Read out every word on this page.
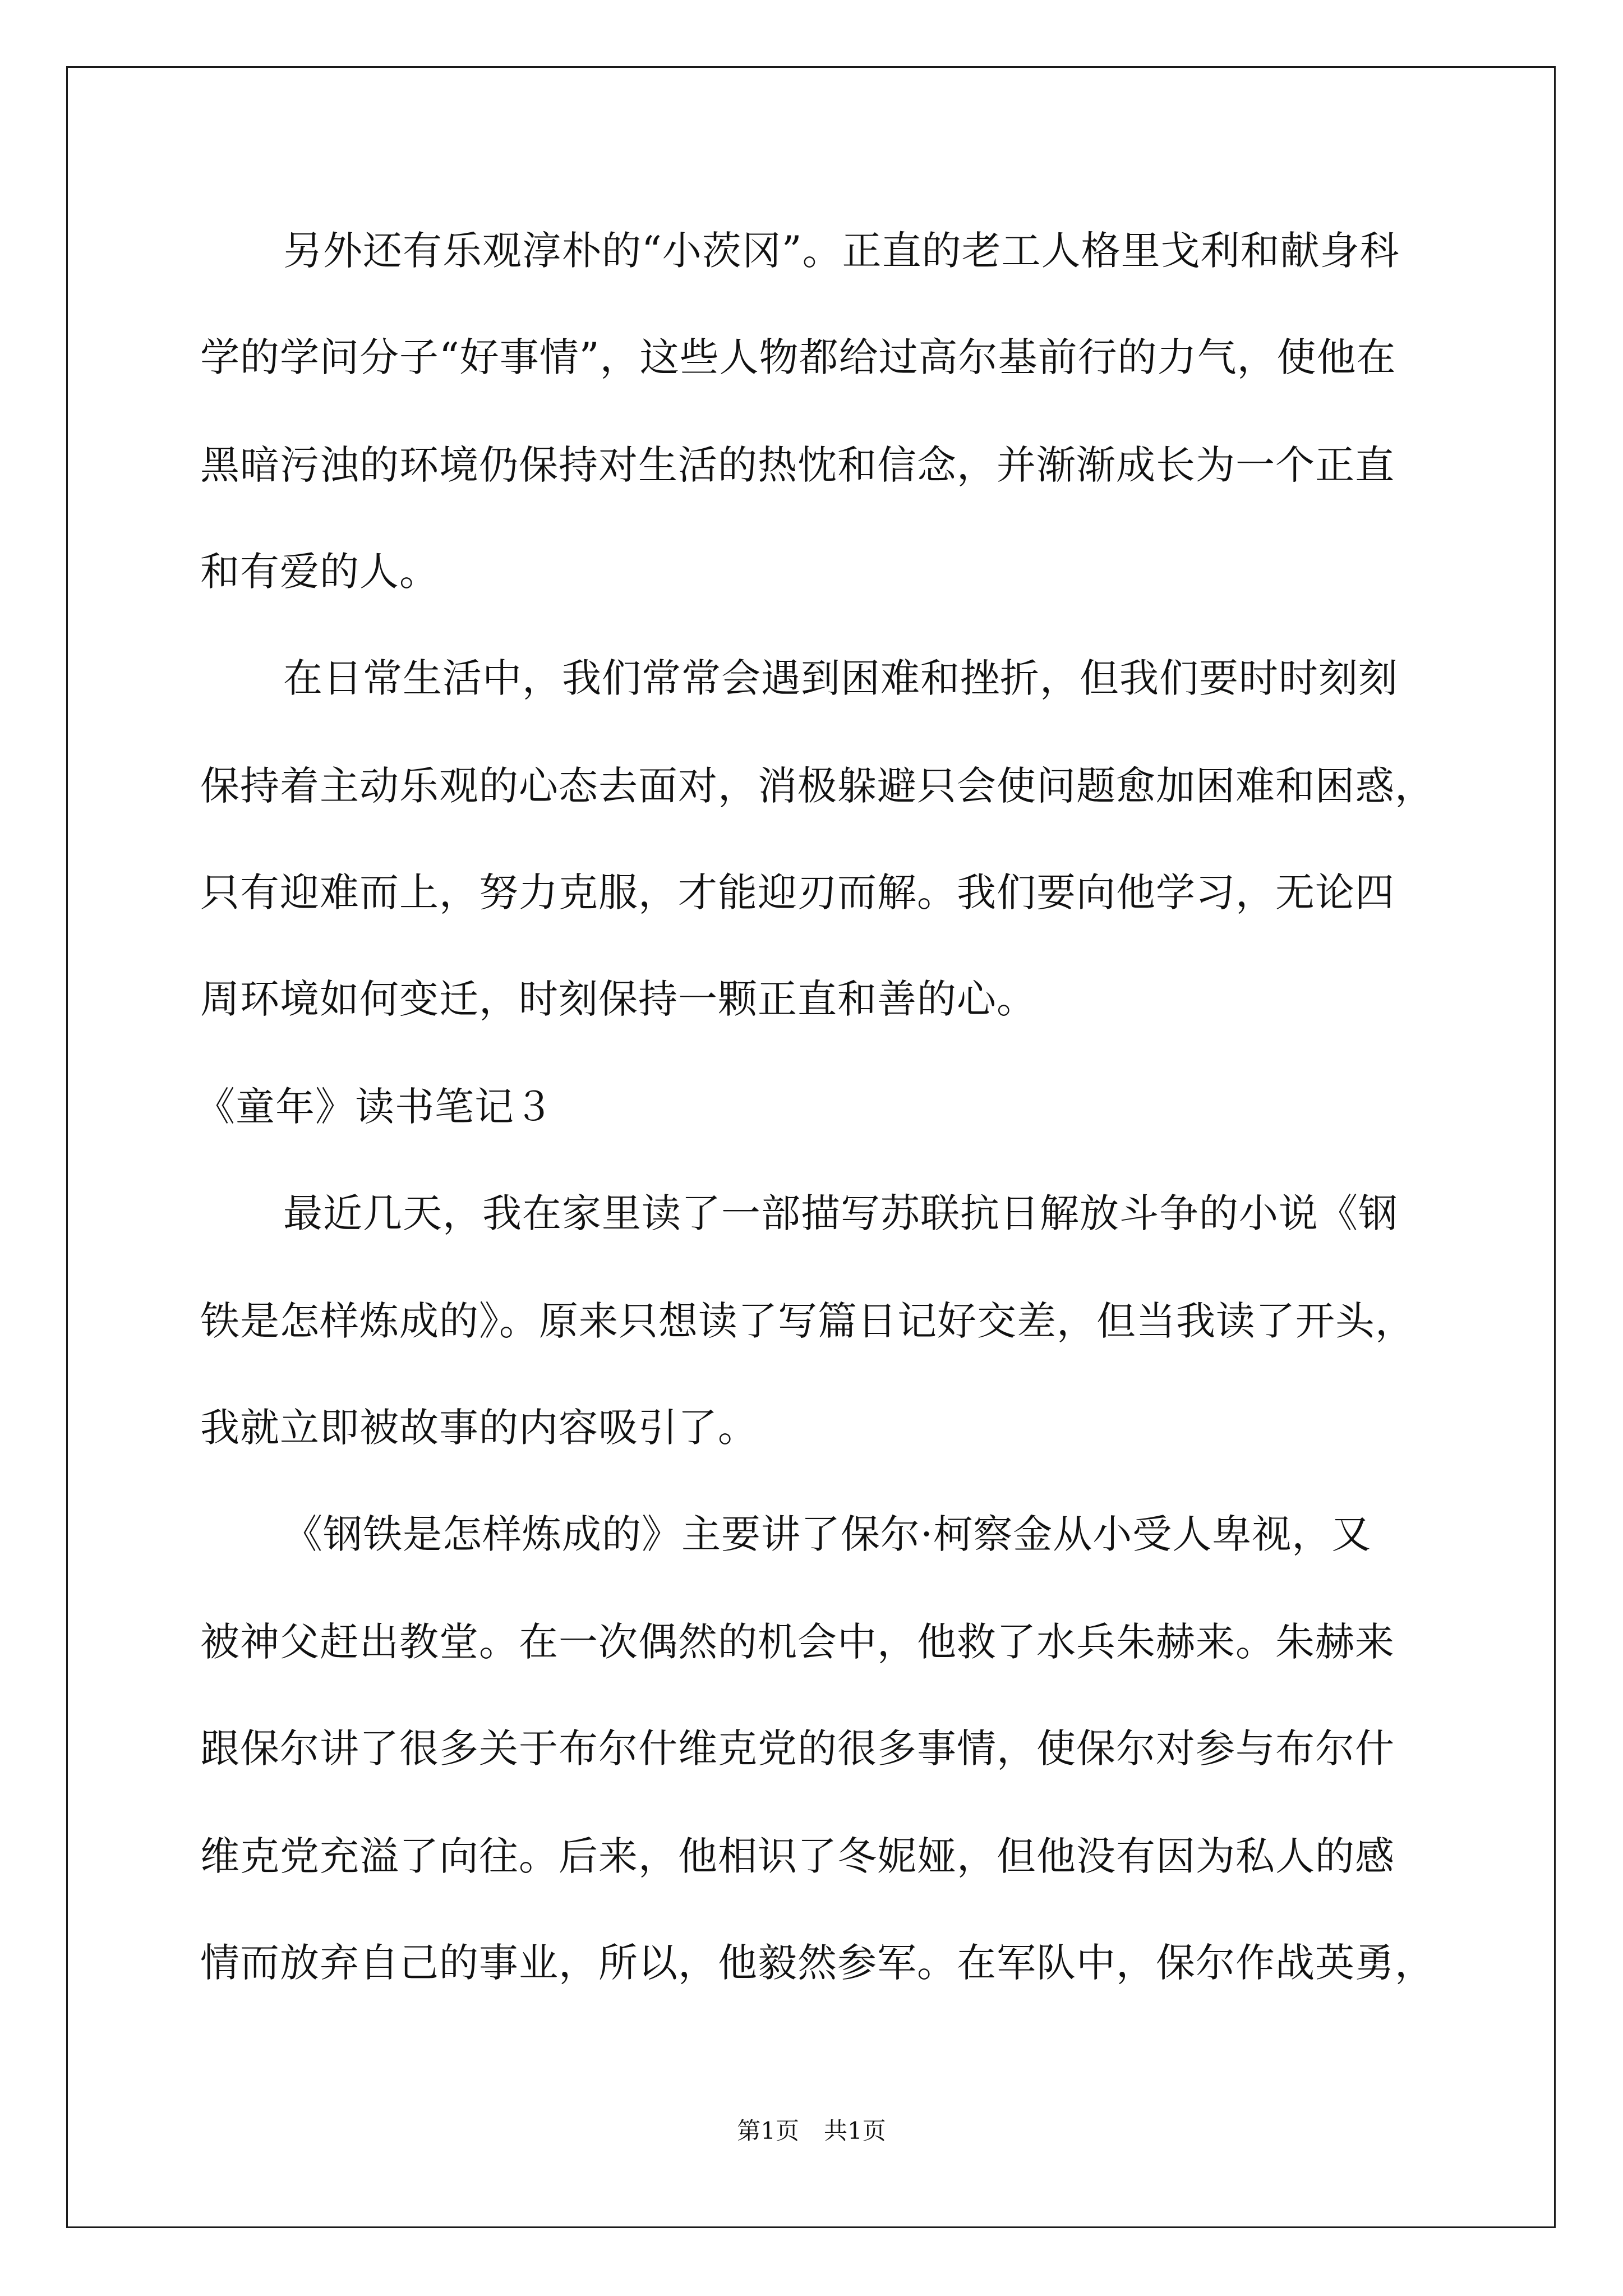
另外还有乐观淳朴的“小茨冈”。正直的老工人格里戈利和献身科
学的学问分子“好事情”，这些人物都给过高尔基前行的力气，使他在
黑暗污浊的环境仍保持对生活的热忱和信念，并渐渐成长为一个正直
和有爱的人。
在日常生活中，我们常常会遇到困难和挫折，但我们要时时刻刻
保持着主动乐观的心态去面对，消极躲避只会使问题愈加困难和困惑，
只有迎难而上，努力克服，才能迎刃而解。我们要向他学习，无论四
周环境如何变迁，时刻保持一颗正直和善的心。
《童年》读书笔记３
最近几天，我在家里读了一部描写苏联抗日解放斗争的小说《钢
铁是怎样炼成的》。原来只想读了写篇日记好交差，但当我读了开头，
我就立即被故事的内容吸引了。
《钢铁是怎样炼成的》主要讲了保尔·柯察金从小受人卑视，又
被神父赶出教堂。在一次偶然的机会中，他救了水兵朱赫来。朱赫来
跟保尔讲了很多关于布尔什维克党的很多事情，使保尔对参与布尔什
维克党充溢了向往。后来，他相识了冬妮娅，但他没有因为私人的感
情而放弃自己的事业，所以，他毅然参军。在军队中，保尔作战英勇，
第1页 共1页
